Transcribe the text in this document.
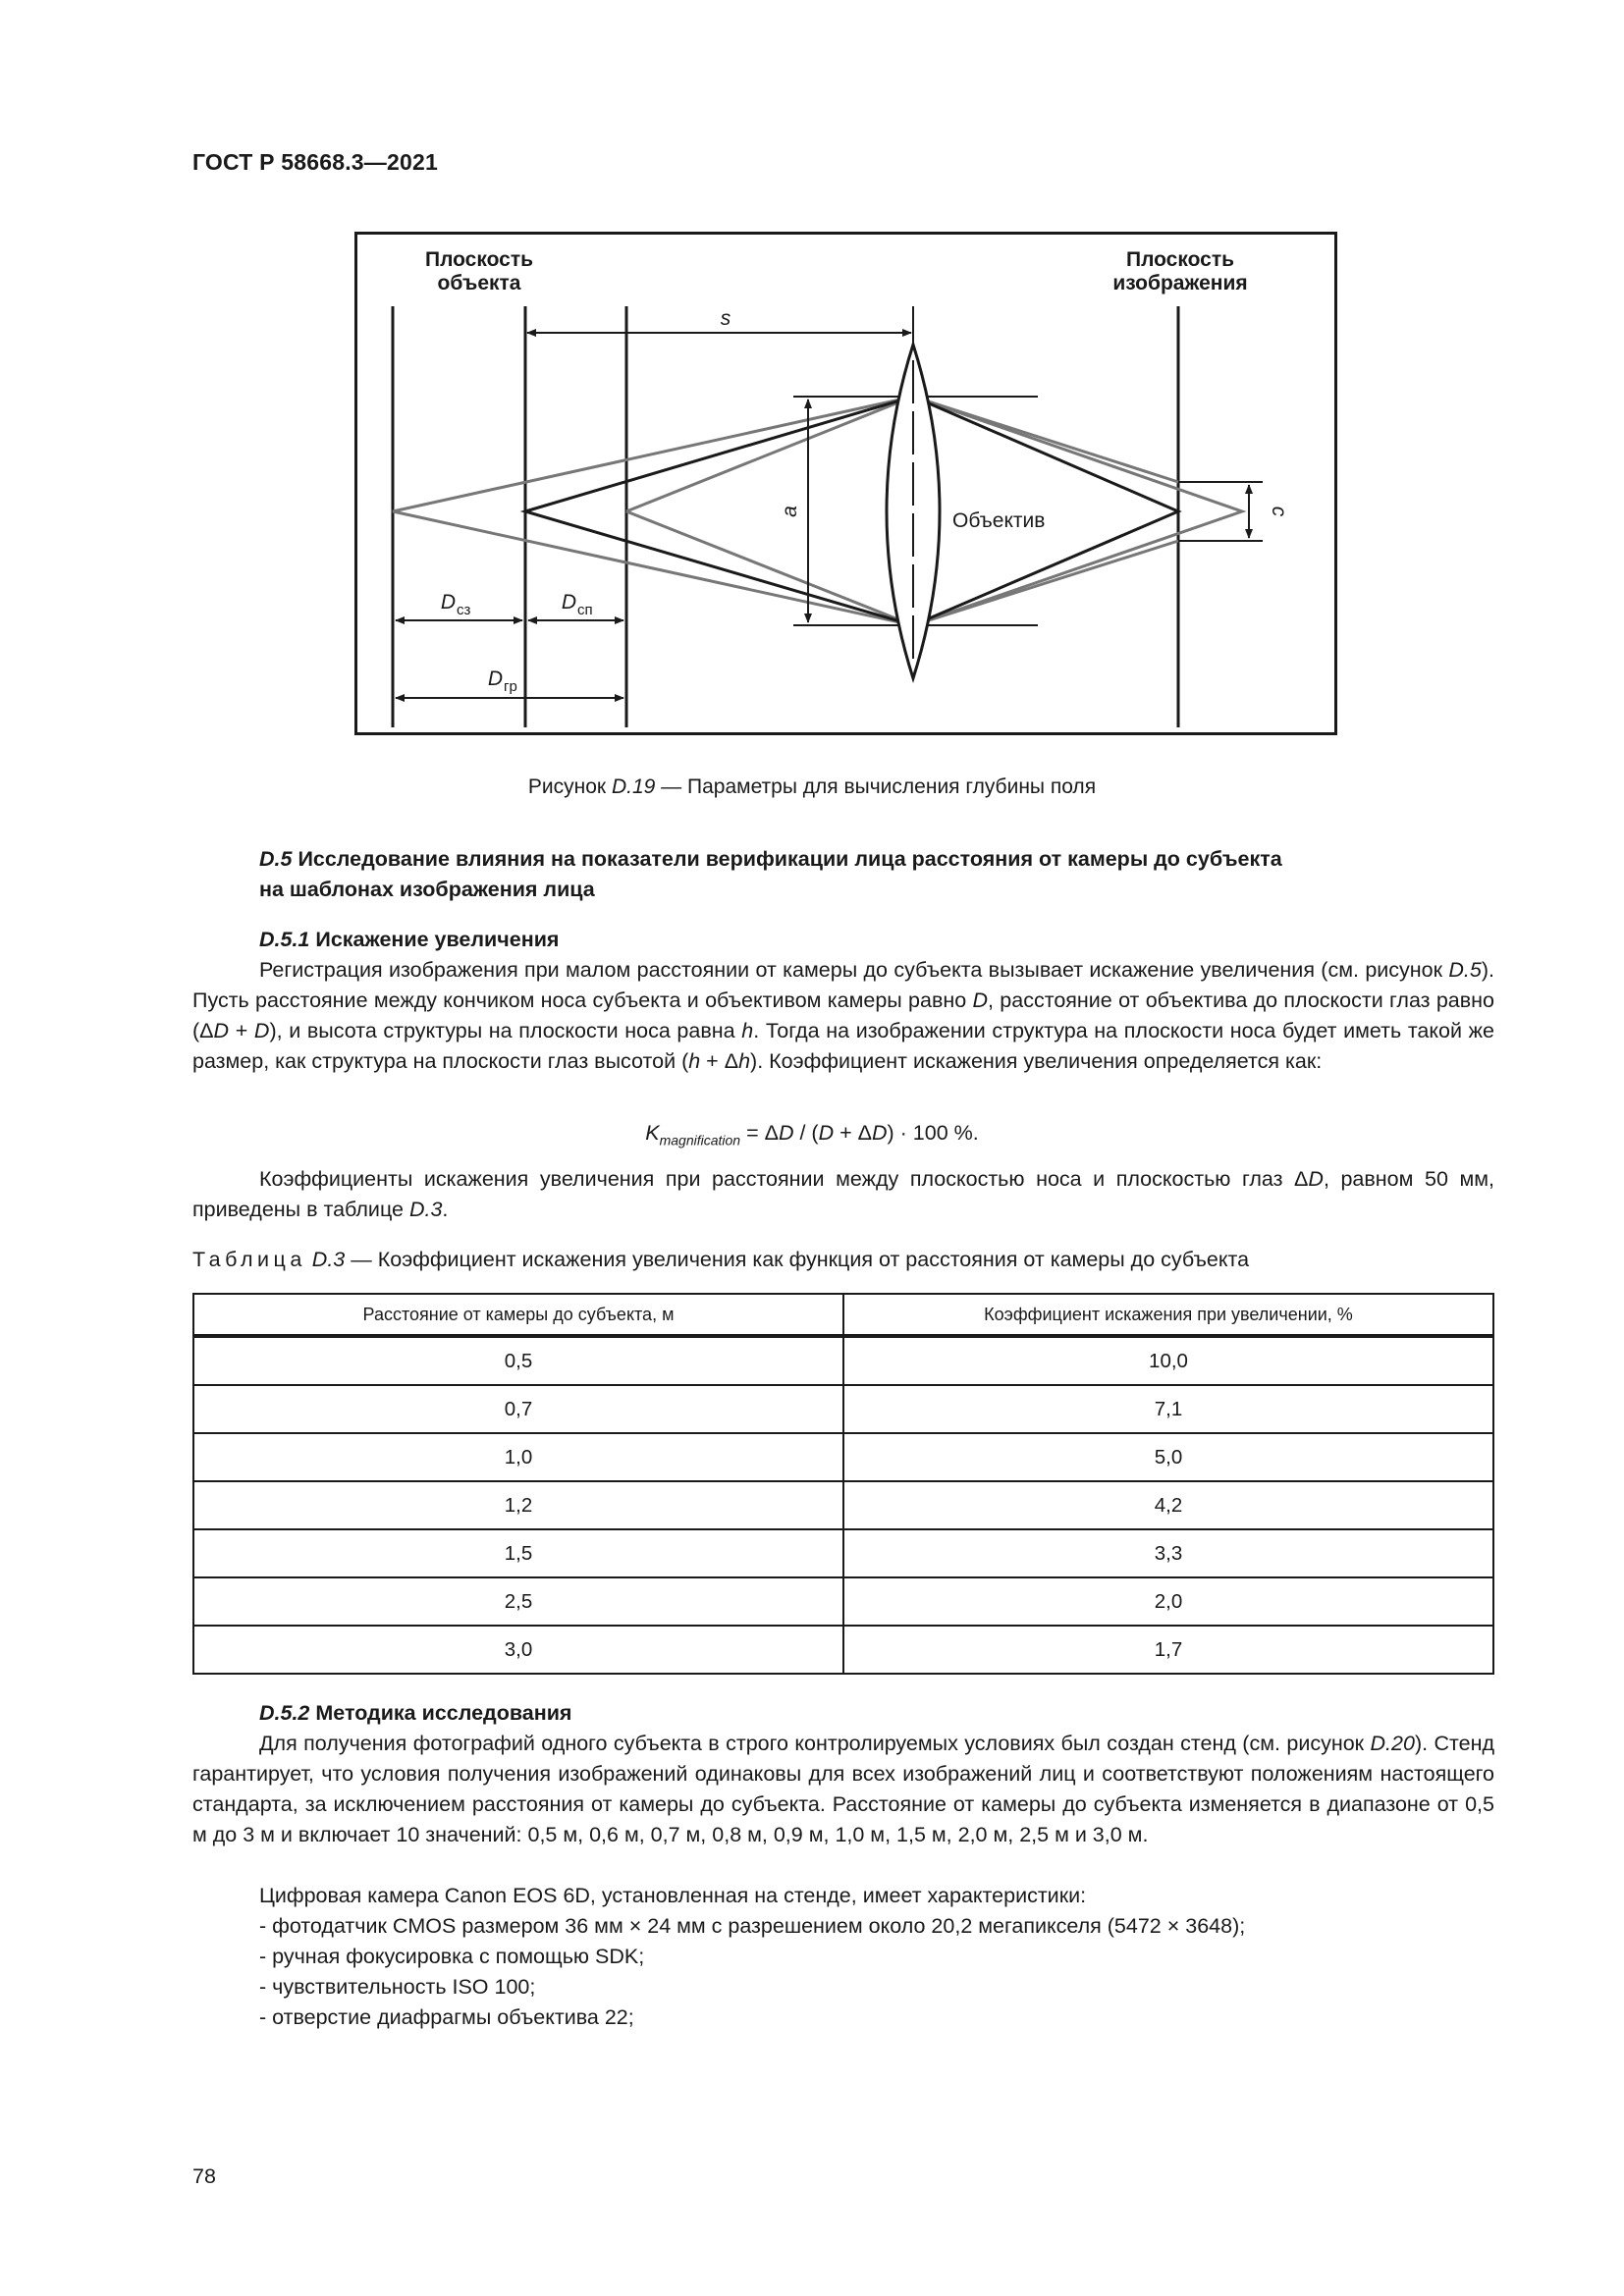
ГОСТ Р 58668.3—2021
Плоскость
объекта
Плоскость
изображения
s
a	c
Объектив
D сз	D сп
D гр
Рисунок D.19 — Параметры для вычисления глубины поля
D.5 Исследование влияния на показатели верификации лица расстояния от камеры до субъекта
на шаблонах изображения лица
D.5.1 Искажение увеличения
Регистрация изображения при малом расстоянии от камеры до субъекта вызывает искажение увеличения (см. рисунок D.5). Пусть расстояние между кончиком носа субъекта и объективом камеры равно D, расстояние от объектива до плоскости глаз равно (ΔD + D), и высота структуры на плоскости носа равна h. Тогда на изображении структура на плоскости носа будет иметь такой же размер, как структура на плоскости глаз высотой (h + Δh). Коэффициент искажения увеличения определяется как:
$K_{magnification} = \Delta D / (D + \Delta D) \cdot 100$ %.
Коэффициенты искажения увеличения при расстоянии между плоскостью носа и плоскостью глаз ΔD, равном 50 мм, приведены в таблице D.3.
Таблица D.3 — Коэффициент искажения увеличения как функция от расстояния от камеры до субъекта
Расстояние от камеры до субъекта, м	Коэффициент искажения при увеличении, %
0,5	10,0
0,7	7,1
1,0	5,0
1,2	4,2
1,5	3,3
2,5	2,0
3,0	1,7
D.5.2 Методика исследования
Для получения фотографий одного субъекта в строго контролируемых условиях был создан стенд (см. рисунок D.20). Стенд гарантирует, что условия получения изображений одинаковы для всех изображений лиц и соответствуют положениям настоящего стандарта, за исключением расстояния от камеры до субъекта. Расстояние от камеры до субъекта изменяется в диапазоне от 0,5 м до 3 м и включает 10 значений: 0,5 м, 0,6 м, 0,7 м, 0,8 м, 0,9 м, 1,0 м, 1,5 м, 2,0 м, 2,5 м и 3,0 м.
Цифровая камера Canon EOS 6D, установленная на стенде, имеет характеристики:
- фотодатчик CMOS размером 36 мм × 24 мм с разрешением около 20,2 мегапикселя (5472 × 3648);
- ручная фокусировка с помощью SDK;
- чувствительность ISO 100;
- отверстие диафрагмы объектива 22;
78
